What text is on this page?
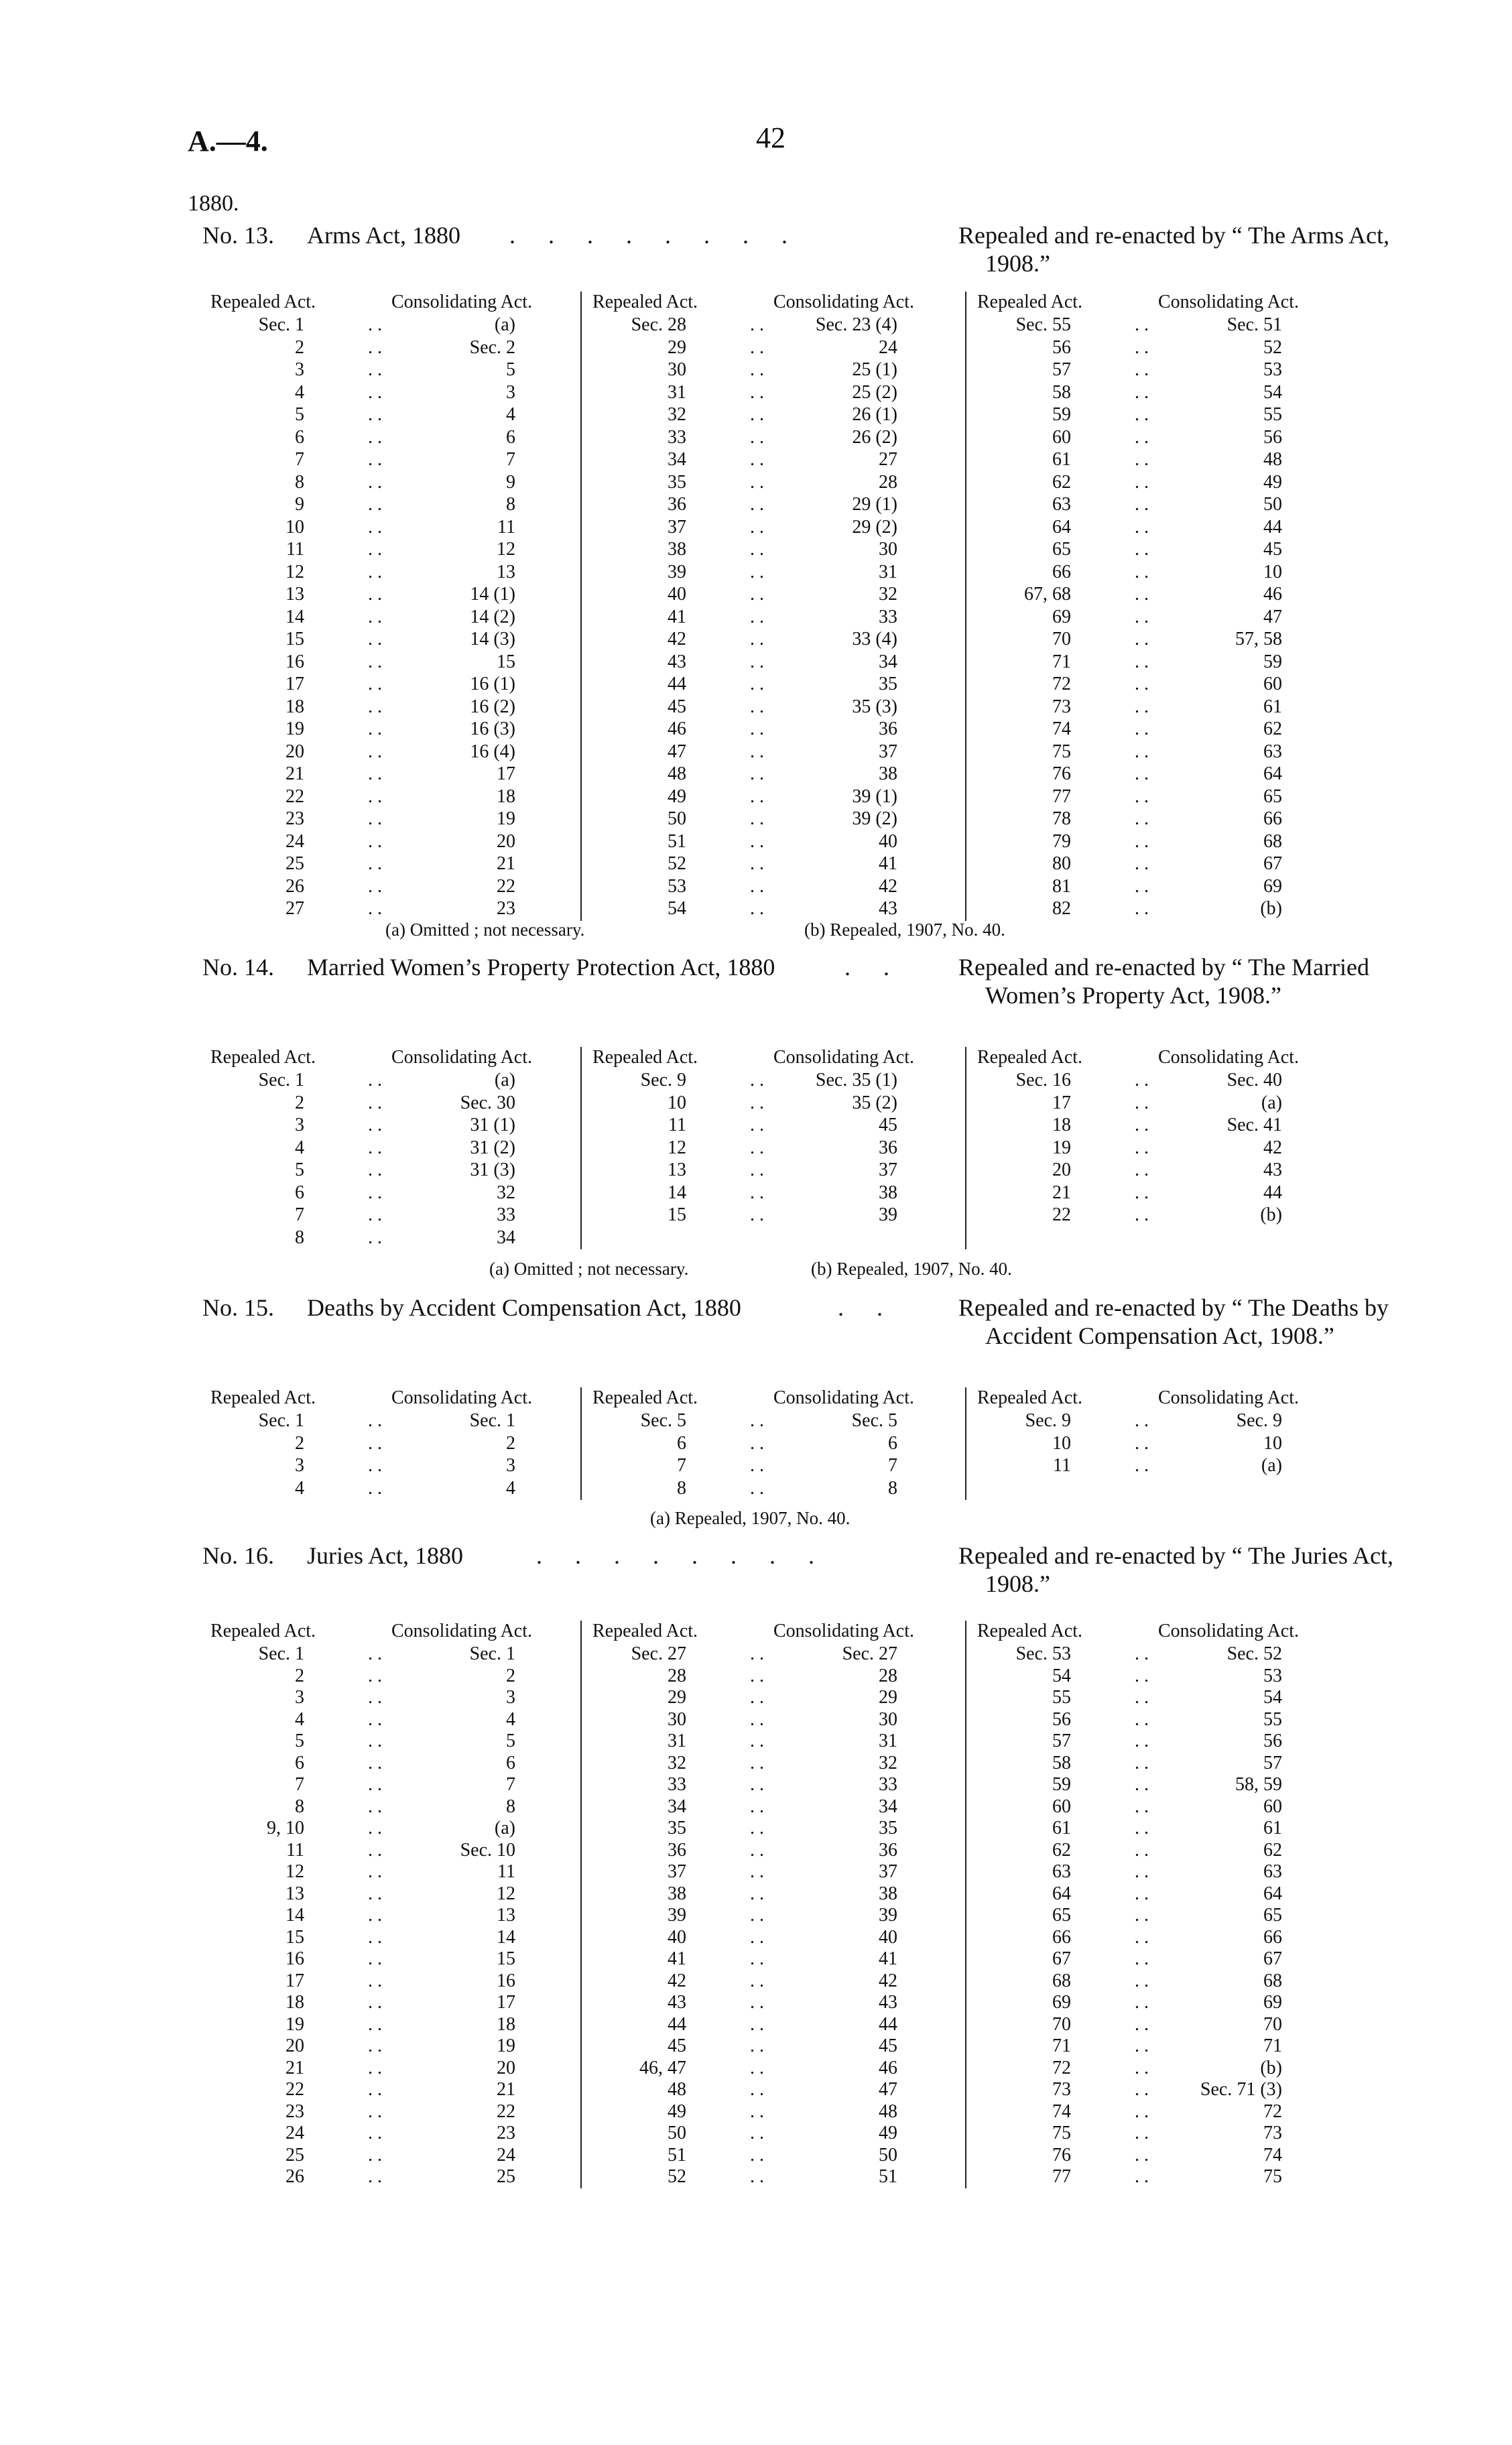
A.—4.	42
1880.
No. 13. Arms Act, 1880 . . . . . . . .	Repealed and re-enacted by “ The Arms Act, 1908.”
Repealed Act.	Consolidating Act.
Sec. 1	. .	(a)
2	. .	Sec. 2
3	. .	5
4	. .	3
5	. .	4
6	. .	6
7	. .	7
8	. .	9
9	. .	8
10	. .	11
11	. .	12
12	. .	13
13	. .	14 (1)
14	. .	14 (2)
15	. .	14 (3)
16	. .	15
17	. .	16 (1)
18	. .	16 (2)
19	. .	16 (3)
20	. .	16 (4)
21	. .	17
22	. .	18
23	. .	19
24	. .	20
25	. .	21
26	. .	22
27	. .	23
Repealed Act.	Consolidating Act.
Sec. 28	. .	Sec. 23 (4)
29	. .	24
30	. .	25 (1)
31	. .	25 (2)
32	. .	26 (1)
33	. .	26 (2)
34	. .	27
35	. .	28
36	. .	29 (1)
37	. .	29 (2)
38	. .	30
39	. .	31
40	. .	32
41	. .	33
42	. .	33 (4)
43	. .	34
44	. .	35
45	. .	35 (3)
46	. .	36
47	. .	37
48	. .	38
49	. .	39 (1)
50	. .	39 (2)
51	. .	40
52	. .	41
53	. .	42
54	. .	43
Repealed Act.	Consolidating Act.
Sec. 55	. .	Sec. 51
56	. .	52
57	. .	53
58	. .	54
59	. .	55
60	. .	56
61	. .	48
62	. .	49
63	. .	50
64	. .	44
65	. .	45
66	. .	10
67, 68	. .	46
69	. .	47
70	. .	57, 58
71	. .	59
72	. .	60
73	. .	61
74	. .	62
75	. .	63
76	. .	64
77	. .	65
78	. .	66
79	. .	68
80	. .	67
81	. .	69
82	. .	(b)
(a) Omitted ; not necessary.	(b) Repealed, 1907, No. 40.
No. 14. Married Women’s Property Protection Act, 1880	. . Repealed and re-enacted by “ The Married Women’s Property Act, 1908.”
Repealed Act.	Consolidating Act.
Sec. 1	. .	(a)
2	. .	Sec. 30
3	. .	31 (1)
4	. .	31 (2)
5	. .	31 (3)
6	. .	32
7	. .	33
8	. .	34
Repealed Act.	Consolidating Act.
Sec. 9	. .	Sec. 35 (1)
10	. .	35 (2)
11	. .	45
12	. .	36
13	. .	37
14	. .	38
15	. .	39
Repealed Act.	Consolidating Act.
Sec. 16	. .	Sec. 40
17	. .	(a)
18	. .	Sec. 41
19	. .	42
20	. .	43
21	. .	44
22	. .	(b)
(a) Omitted ; not necessary.	(b) Repealed, 1907, No. 40.
No. 15. Deaths by Accident Compensation Act, 1880	. .	Repealed and re-enacted by “ The Deaths by Accident Compensation Act, 1908.”
Repealed Act.	Consolidating Act.
Sec. 1	. .	Sec. 1
2	. .	2
3	. .	3
4	. .	4
Repealed Act.	Consolidating Act.
Sec. 5	. .	Sec. 5
6	. .	6
7	. .	7
8	. .	8
Repealed Act.	Consolidating Act.
Sec. 9	. .	Sec. 9
10	. .	10
11	. .	(a)
(a) Repealed, 1907, No. 40.
No. 16. Juries Act, 1880	. . . . . . . .	Repealed and re-enacted by “ The Juries Act, 1908.”
Repealed Act.	Consolidating Act.
Sec. 1	. .	Sec. 1
2	. .	2
3	. .	3
4	. .	4
5	. .	5
6	. .	6
7	. .	7
8	. .	8
9, 10	. .	(a)
11	. .	Sec. 10
12	. .	11
13	. .	12
14	. .	13
15	. .	14
16	. .	15
17	. .	16
18	. .	17
19	. .	18
20	. .	19
21	. .	20
22	. .	21
23	. .	22
24	. .	23
25	. .	24
26	. .	25
Repealed Act.	Consolidating Act.
Sec. 27	. .	Sec. 27
28	. .	28
29	. .	29
30	. .	30
31	. .	31
32	. .	32
33	. .	33
34	. .	34
35	. .	35
36	. .	36
37	. .	37
38	. .	38
39	. .	39
40	. .	40
41	. .	41
42	. .	42
43	. .	43
44	. .	44
45	. .	45
46, 47	. .	46
48	. .	47
49	. .	48
50	. .	49
51	. .	50
52	. .	51
Repealed Act.	Consolidating Act.
Sec. 53	. .	Sec. 52
54	. .	53
55	. .	54
56	. .	55
57	. .	56
58	. .	57
59	. .	58, 59
60	. .	60
61	. .	61
62	. .	62
63	. .	63
64	. .	64
65	. .	65
66	. .	66
67	. .	67
68	. .	68
69	. .	69
70	. .	70
71	. .	71
72	. .	(b)
73	. .	Sec. 71 (3)
74	. .	72
75	. .	73
76	. .	74
77	. .	75
